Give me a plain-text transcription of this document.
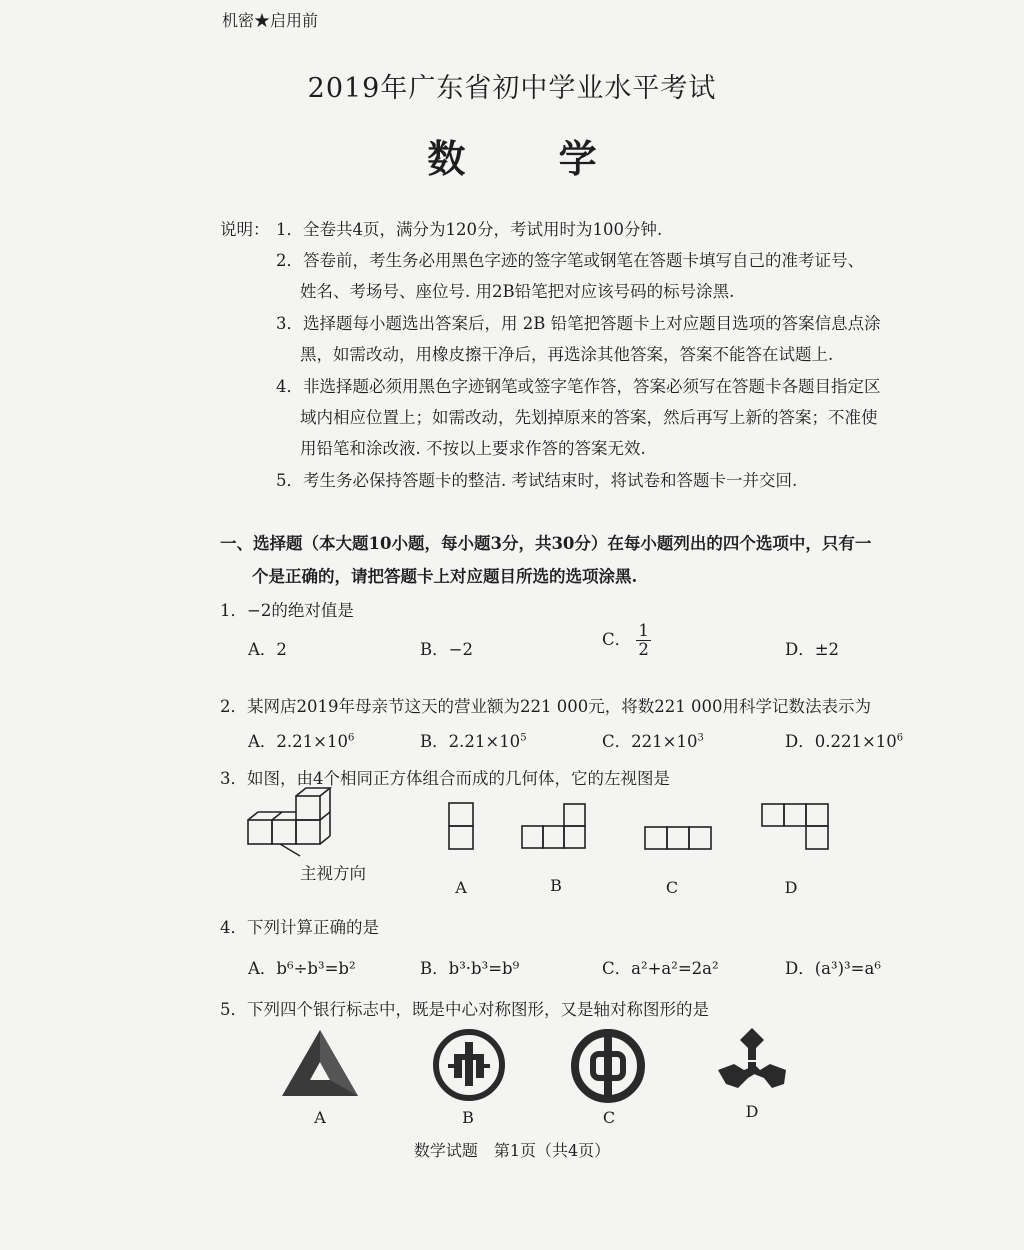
机密★启用前
2019年广东省初中学业水平考试
数 学
说明： 1．全卷共4页，满分为120分，考试用时为100分钟.
2．答卷前，考生务必用黑色字迹的签字笔或钢笔在答题卡填写自己的准考证号、
姓名、考场号、座位号. 用2B铅笔把对应该号码的标号涂黑.
3．选择题每小题选出答案后，用 2B 铅笔把答题卡上对应题目选项的答案信息点涂
黑，如需改动，用橡皮擦干净后，再选涂其他答案，答案不能答在试题上.
4．非选择题必须用黑色字迹钢笔或签字笔作答，答案必须写在答题卡各题目指定区
域内相应位置上；如需改动，先划掉原来的答案，然后再写上新的答案；不准使
用铅笔和涂改液. 不按以上要求作答的答案无效.
5．考生务必保持答题卡的整洁. 考试结束时，将试卷和答题卡一并交回.
一、选择题（本大题10小题，每小题3分，共30分）在每小题列出的四个选项中，只有一
个是正确的，请把答题卡上对应题目所选的选项涂黑.
1．−2的绝对值是
A．2	B．−2
C． $\frac{1}{2}$	D．±2
2．某网店2019年母亲节这天的营业额为221 000元，将数221 000用科学记数法表示为
A．$2.21\times 10^6$	B．$2.21\times 10^5$	C．$221\times 10^3$	D．$0.221\times 10^6$
3．如图，由4个相同正方体组合而成的几何体，它的左视图是
主视方向
A	B	C	D
4．下列计算正确的是
A．b⁶÷b³=b²	B．b³·b³=b⁹	C．a²+a²=2a²	D．(a³)³=a⁶
5．下列四个银行标志中，既是中心对称图形，又是轴对称图形的是
A	B	C	D
数学试题　第1页（共4页）
